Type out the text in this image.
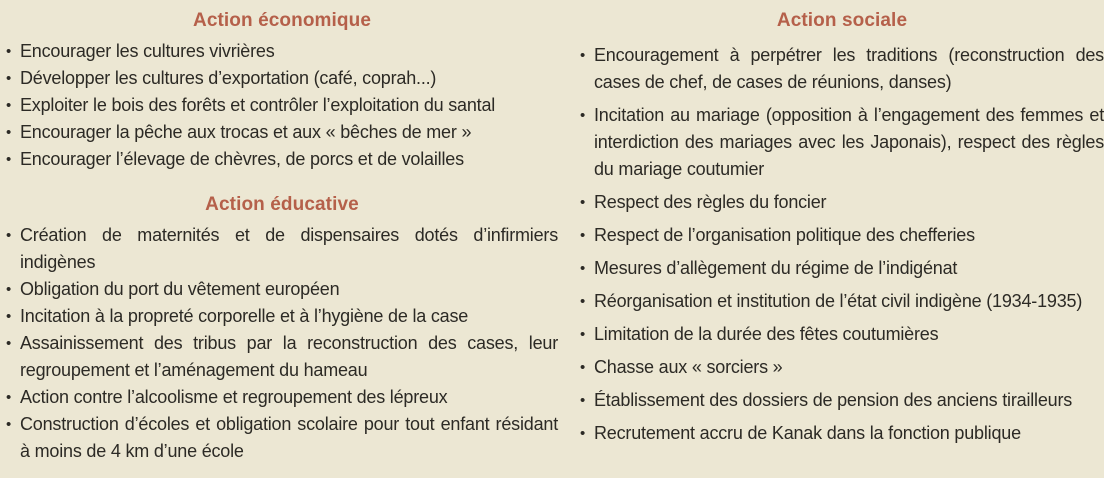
Action économique
• Encourager les cultures vivrières
• Développer les cultures d’exportation (café, coprah...)
• Exploiter le bois des forêts et contrôler l’exploitation du santal
• Encourager la pêche aux trocas et aux « bêches de mer »
• Encourager l’élevage de chèvres, de porcs et de volailles
Action éducative
• Création de maternités et de dispensaires dotés d’infirmiers indigènes
• Obligation du port du vêtement européen
• Incitation à la propreté corporelle et à l’hygiène de la case
• Assainissement des tribus par la reconstruction des cases, leur regroupement et l’aménagement du hameau
• Action contre l’alcoolisme et regroupement des lépreux
• Construction d’écoles et obligation scolaire pour tout enfant résidant à moins de 4 km d’une école
Action sociale
• Encouragement à perpétrer les traditions (reconstruction des cases de chef, de cases de réunions, danses)
• Incitation au mariage (opposition à l’engagement des femmes et interdiction des mariages avec les Japonais), respect des règles du mariage coutumier
• Respect des règles du foncier
• Respect de l’organisation politique des chefferies
• Mesures d’allègement du régime de l’indigénat
• Réorganisation et institution de l’état civil indigène (1934-1935)
• Limitation de la durée des fêtes coutumières
• Chasse aux « sorciers »
• Établissement des dossiers de pension des anciens tirailleurs
• Recrutement accru de Kanak dans la fonction publique
